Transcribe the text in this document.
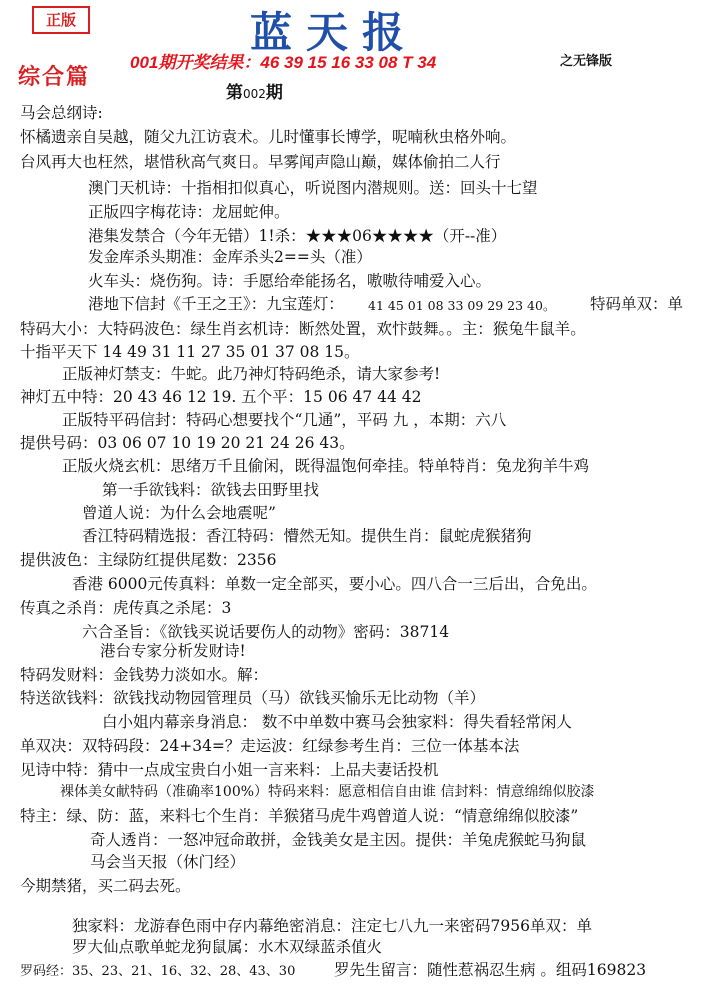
正版	蓝天报
001期开奖结果：46 39 15 16 33 08 T 34	之无锋版
综合篇
第002期
马会总纲诗:
怀橘遗亲自吴越，随父九江访袁术。儿时懂事长博学，呢喃秋虫格外响。
台风再大也枉然，堪惜秋高气爽日。早雾闻声隐山巅，媒体偷拍二人行
澳门天机诗：十指相扣似真心，听说图内潜规则。送：回头十七望
正版四字梅花诗：龙屈蛇伸。
港集发禁合（今年无错）1!杀：★★★06★★★★（开--准）
发金库杀头期准：金库杀头2==头（准）
火车头：烧伤狗。诗：手愿给牵能扬名，嗷嗷待哺爱入心。
港地下信封《千王之王》：九宝莲灯： 41 45 01 08 33 09 29 23 40。 特码单双：单
特码大小：大特码波色：绿生肖玄机诗：断然处置，欢忭鼓舞。。主：猴兔牛鼠羊。
十指平天下 14 49 31 11 27 35 01 37 08 15。
正版神灯禁支：牛蛇。此乃神灯特码绝杀，请大家参考!
神灯五中特：20 43 46 12 19. 五个平：15 06 47 44 42
正版特平码信封：特码心想要找个“几通”，平码 九 ，本期：六八
提供号码：03 06 07 10 19 20 21 24 26 43。
正版火烧玄机：思绪万千且偷闲，既得温饱何牵挂。特单特肖：兔龙狗羊牛鸡
第一手欲钱料：欲钱去田野里找
曾道人说：为什么会地震呢”
香江特码精选报：香江特码：懵然无知。提供生肖：鼠蛇虎猴猪狗
提供波色：主绿防红提供尾数：2356
香港 6000元传真料：单数一定全部买，要小心。四八合一三后出，合免出。
传真之杀肖：虎传真之杀尾：3
六合圣旨：《欲钱买说话要伤人的动物》密码：38714
港台专家分析发财诗!
特码发财料：金钱势力淡如水。解：
特送欲钱料：欲钱找动物园管理员（马）欲钱买愉乐无比动物（羊）
白小姐内幕亲身消息： 数不中单数中赛马会独家料：得失看轻常闲人
单双决：双特码段：24+34=？走运波：红绿参考生肖：三位一体基本法
见诗中特：猜中一点成宝贵白小姐一言来料：上品夫妻话投机
裸体美女献特码（准确率100%）特码来料：愿意相信自由谁 信封料：情意绵绵似胶漆
特主：绿、防：蓝，来料七个生肖：羊猴猪马虎牛鸡曾道人说：“情意绵绵似胶漆”
奇人透肖：一怒冲冠命敢拼，金钱美女是主因。提供：羊兔虎猴蛇马狗鼠
马会当天报（休门经）
今期禁猪，买二码去死。
独家料：龙游春色雨中存内幕绝密消息：注定七八九一来密码7956单双：单
罗大仙点歌单蛇龙狗鼠属：水木双绿蓝杀值火
罗码经：35、23、21、16、32、28、43、30 罗先生留言：随性惹祸忍生病 。组码169823
